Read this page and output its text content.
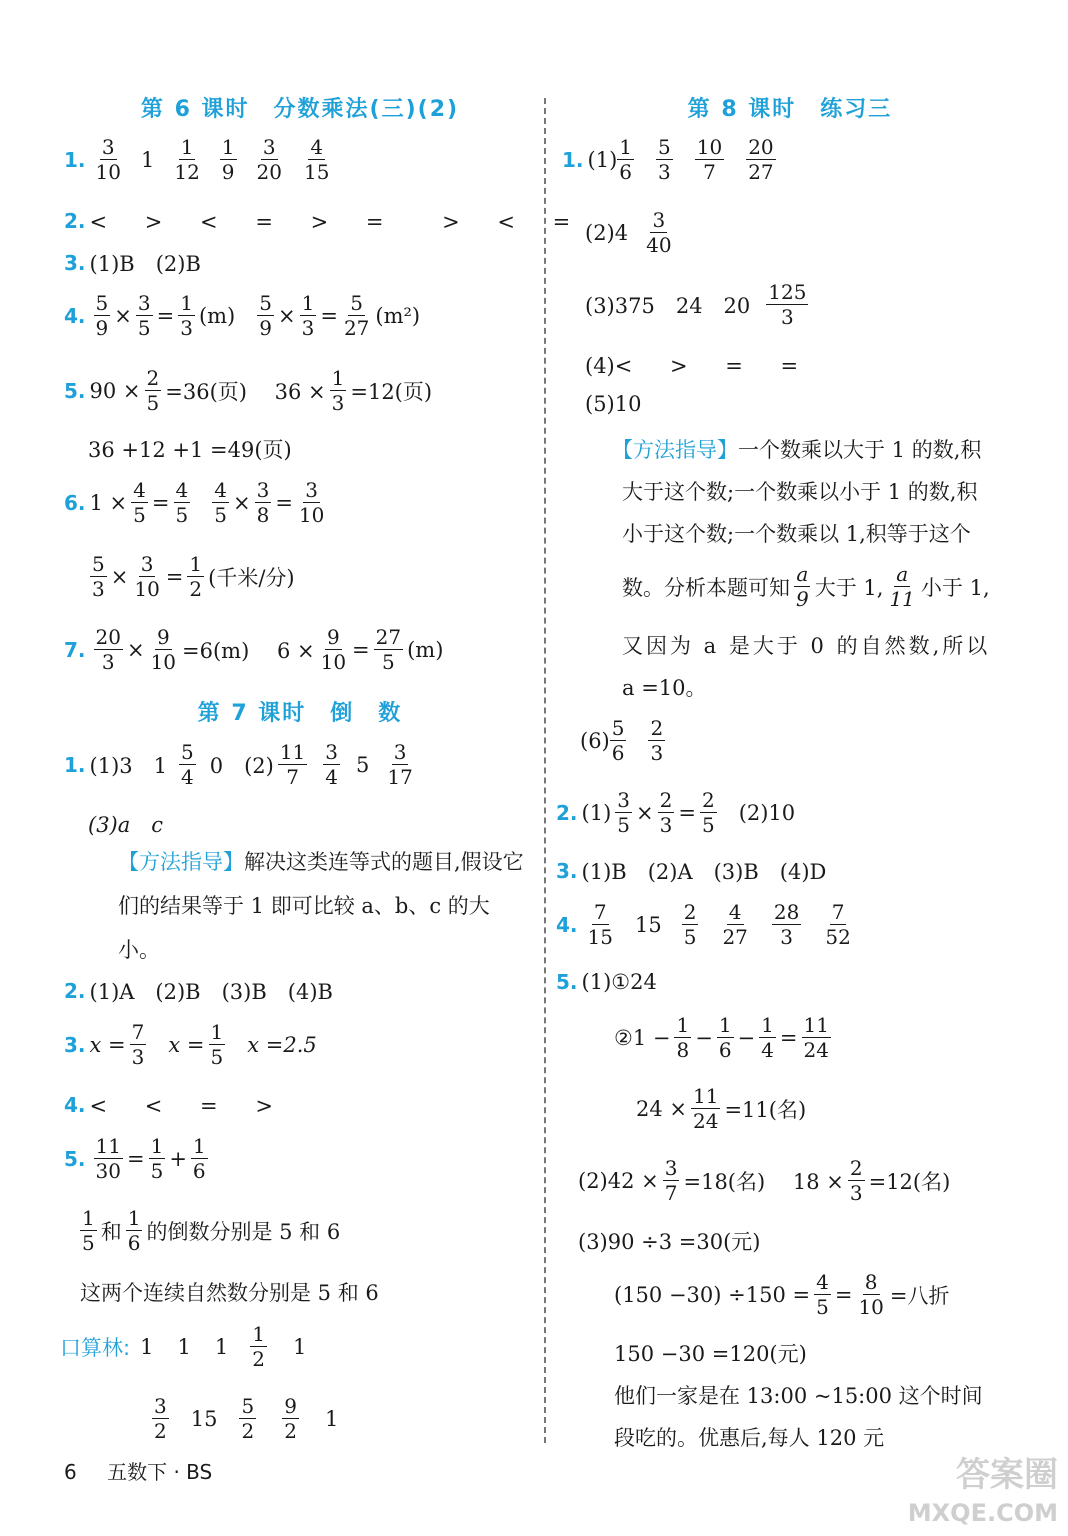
第 6 课时　分数乘法(三)(2)
1. $\frac{3}{10} 1 \frac{1}{12} \frac{1}{9} \frac{3}{20} \frac{4}{15}$
2. <　 >　 <　 =　 >　 =　　 >　 <　 =
3. (1)B　(2)B
4. $\frac{5}{9} \times \frac{3}{5} = \frac{1}{3} (m) \frac{5}{9} \times \frac{1}{3} = \frac{5}{27} (m^2)$
5. $90 \times \frac{2}{5} =36$(页)　 $36 \times \frac{1}{3} =12$(页)
36 +12 +1 =49(页)
6. $1 \times \frac{4}{5} = \frac{4}{5} \frac{4}{5} \times \frac{3}{8} = \frac{3}{10}$
$\frac{5}{3} \times \frac{3}{10} = \frac{1}{2}$ (千米/分)
7. $\frac{20}{3} \times \frac{9}{10} =6(m)$　 $6 \times \frac{9}{10} = \frac{27}{5} (m)$
第 7 课时　倒　数
1. (1)3　$1 \frac{5}{4} 0$　$(2) \frac{11}{7} \frac{3}{4} 5 \frac{3}{17}$
(3)a　c
【方法指导】解决这类连等式的题目,假设它们的结果等于 1 即可比较 a、b、c 的大小。
2. (1)A　(2)B　(3)B　(4)B
3. $x = \frac{7}{3}$ $x = \frac{1}{5}$ x =2.5
4. <　 <　 =　 >
5. $\frac{11}{30} = \frac{1}{5} + \frac{1}{6}$
$\frac{1}{5}$ 和 $\frac{1}{6}$ 的倒数分别是 5 和 6
这两个连续自然数分别是 5 和 6
口算林: 1 1 $1 \frac{1}{2} 1$
$\frac{3}{2} 15 \frac{5}{2} \frac{9}{2} 1$
第 8 课时　练习三
1. $(1) \frac{1}{6} \frac{5}{3} \frac{10}{7} \frac{20}{27}$
$(2)4 \frac{3}{40}$
(3)375　24　$20 \frac{125}{3}$
(4)<　 >　 =　 =
(5)10
【方法指导】 一个数乘以大于 1 的数,积
大于这个数;一个数乘以小于 1 的数,积
小于这个数;一个数乘以 1,积等于这个
数。分析本题可知 $\frac{a}{9}$ 大于 1, $\frac{a}{11}$ 小于 1,
又因为 a 是大于 0 的自然数,所以
a =10。
$(6) \frac{5}{6} \frac{2}{3}$
2. $(1) \frac{3}{5} \times \frac{2}{3} = \frac{2}{5} (2)10$
3. (1)B　(2)A　(3)B　(4)D
4. $\frac{7}{15} 15 \frac{2}{5} \frac{4}{27} \frac{28}{3} \frac{7}{52}$
5. (1)①24
②1 − $\frac{1}{8} - \frac{1}{6} - \frac{1}{4} = \frac{11}{24}$
$24 \times \frac{11}{24} =11$(名)
$(2)42 \times \frac{3}{7} =18$(名)　 $18 \times \frac{2}{3} =12$(名)
(3)90 ÷3 =30(元)
$(150 -30) \div 150 = \frac{4}{5} = \frac{8}{10}$ =八折
150 −30 =120(元)
他们一家是在 13:00 ~15:00 这个时间
段吃的。优惠后,每人 120 元
6 五数下 · BS	答案圈
MXQE.COM
